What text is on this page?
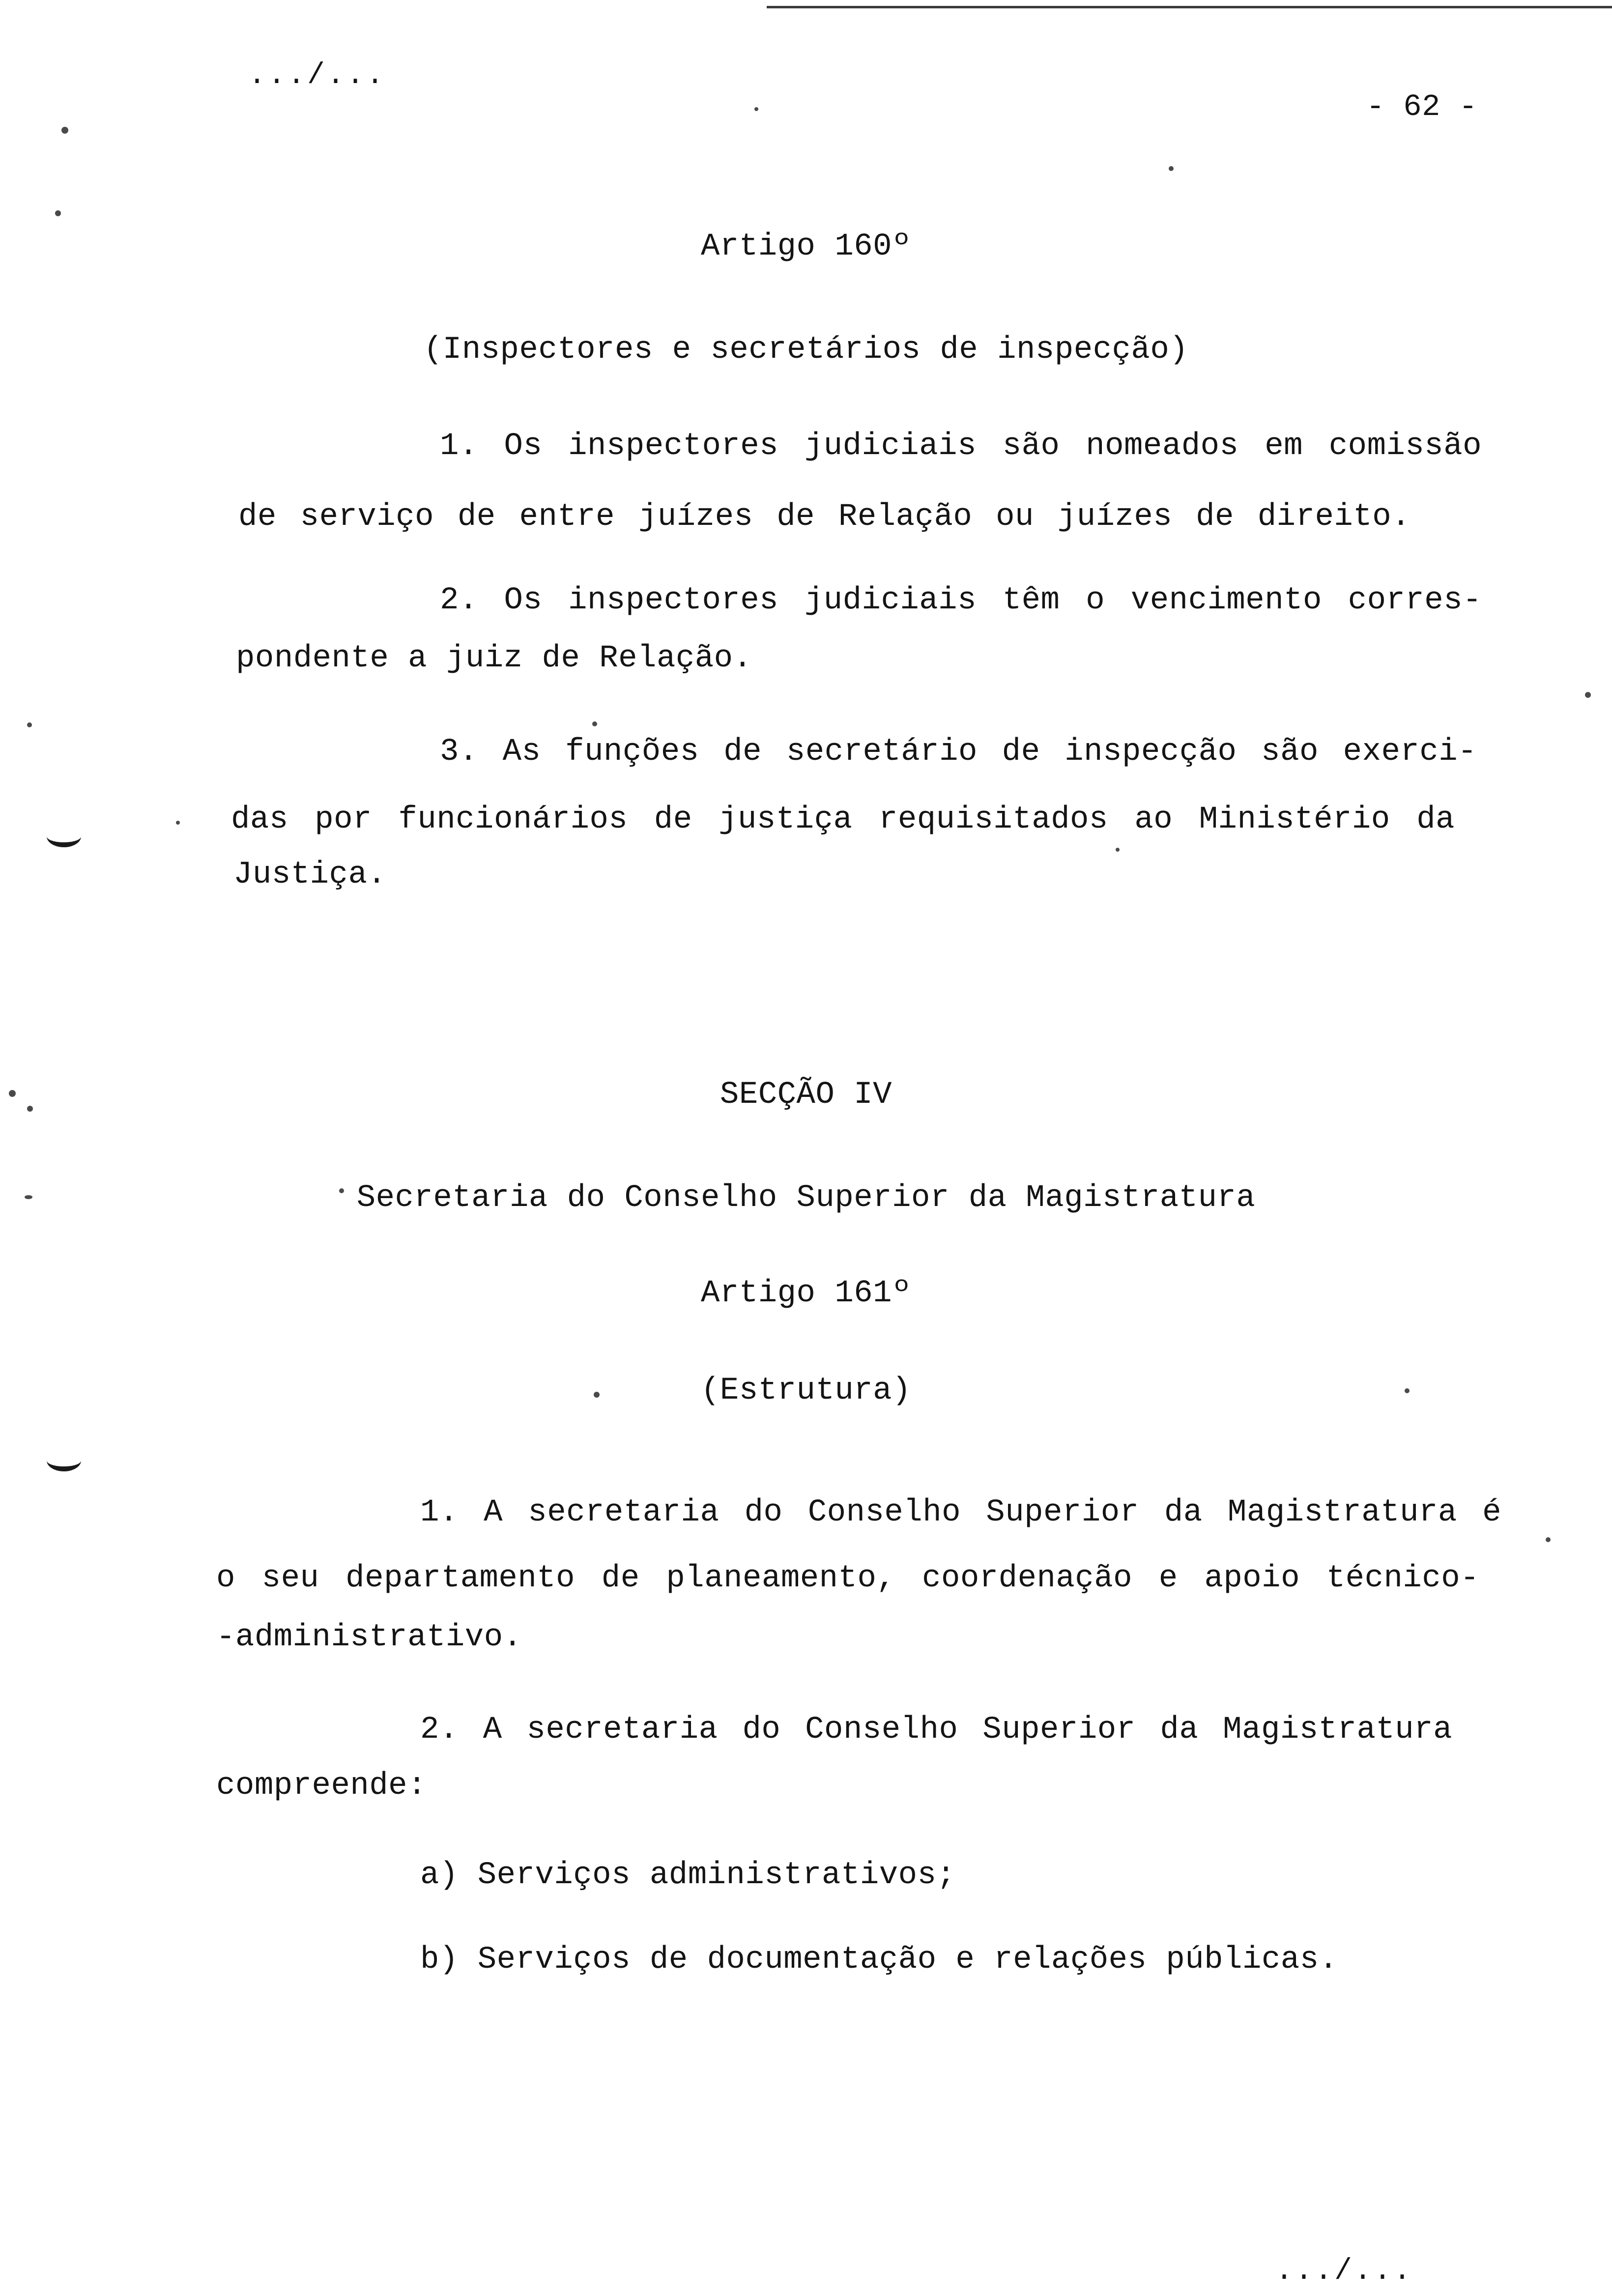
.../...
- 62 -
Artigo 160º
(Inspectores e secretários de inspecção)
1. Os inspectores judiciais são nomeados em comissão
de serviço de entre juízes de Relação ou juízes de direito.
2. Os inspectores judiciais têm o vencimento corres-
pondente a juiz de Relação.
3. As funções de secretário de inspecção são exerci-
das por funcionários de justiça requisitados ao Ministério da
Justiça.
SECÇÃO IV
Secretaria do Conselho Superior da Magistratura
Artigo 161º
(Estrutura)
1. A secretaria do Conselho Superior da Magistratura é
o seu departamento de planeamento, coordenação e apoio técnico-
-administrativo.
2. A secretaria do Conselho Superior da Magistratura
compreende:
a) Serviços administrativos;
b) Serviços de documentação e relações públicas.
.../...
